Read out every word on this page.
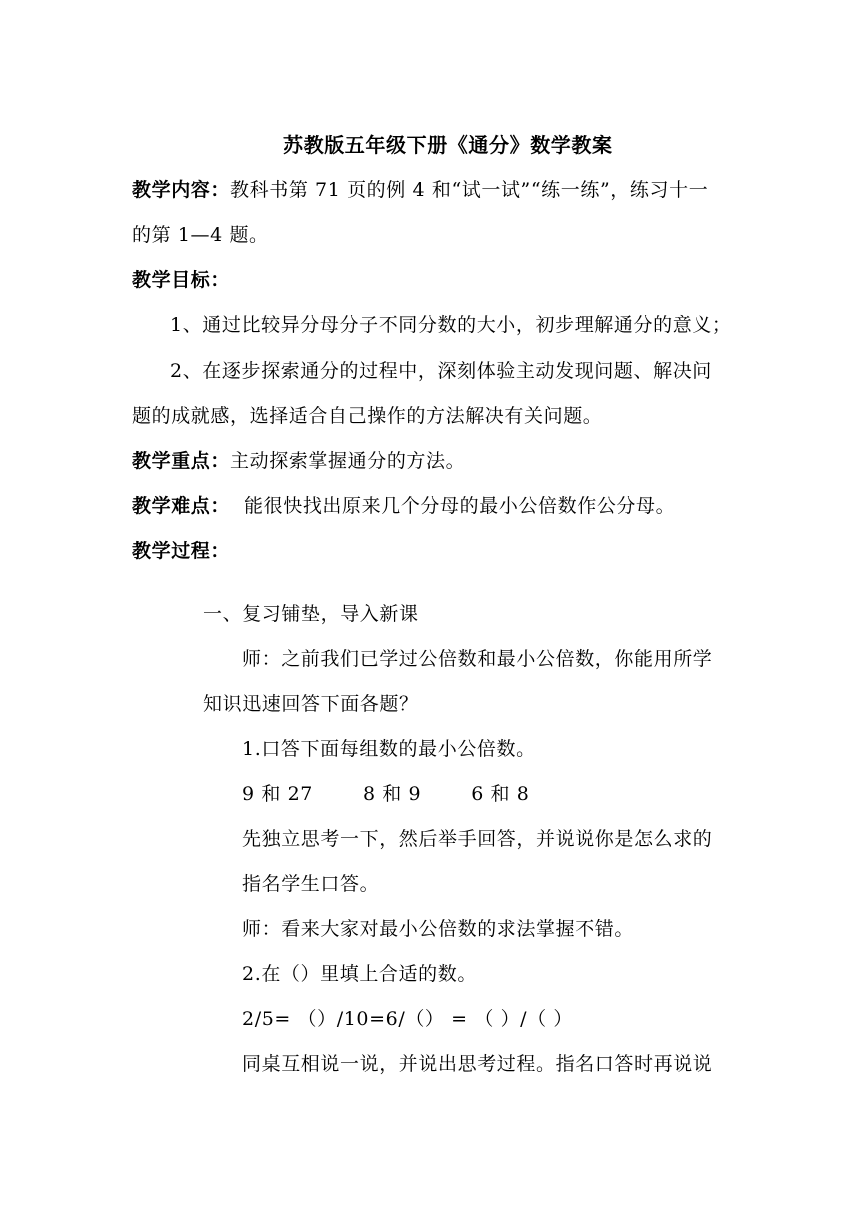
苏教版五年级下册《通分》数学教案
教学内容：教科书第 71 页的例 4 和“试一试”“练一练”，练习十一
的第 1—4 题。
教学目标：
1、通过比较异分母分子不同分数的大小，初步理解通分的意义；
2、在逐步探索通分的过程中，深刻体验主动发现问题、解决问
题的成就感，选择适合自己操作的方法解决有关问题。
教学重点：主动探索掌握通分的方法。
教学难点： 能很快找出原来几个分母的最小公倍数作公分母。
教学过程：
一、复习铺垫，导入新课
师：之前我们已学过公倍数和最小公倍数，你能用所学
知识迅速回答下面各题？
1.口答下面每组数的最小公倍数。
9 和 27	8 和 9	6 和 8
先独立思考一下，然后举手回答，并说说你是怎么求的
指名学生口答。
师：看来大家对最小公倍数的求法掌握不错。
2.在（）里填上合适的数。
2/5= （）/10=6/（） = （ ）/（ ）
同桌互相说一说，并说出思考过程。指名口答时再说说
